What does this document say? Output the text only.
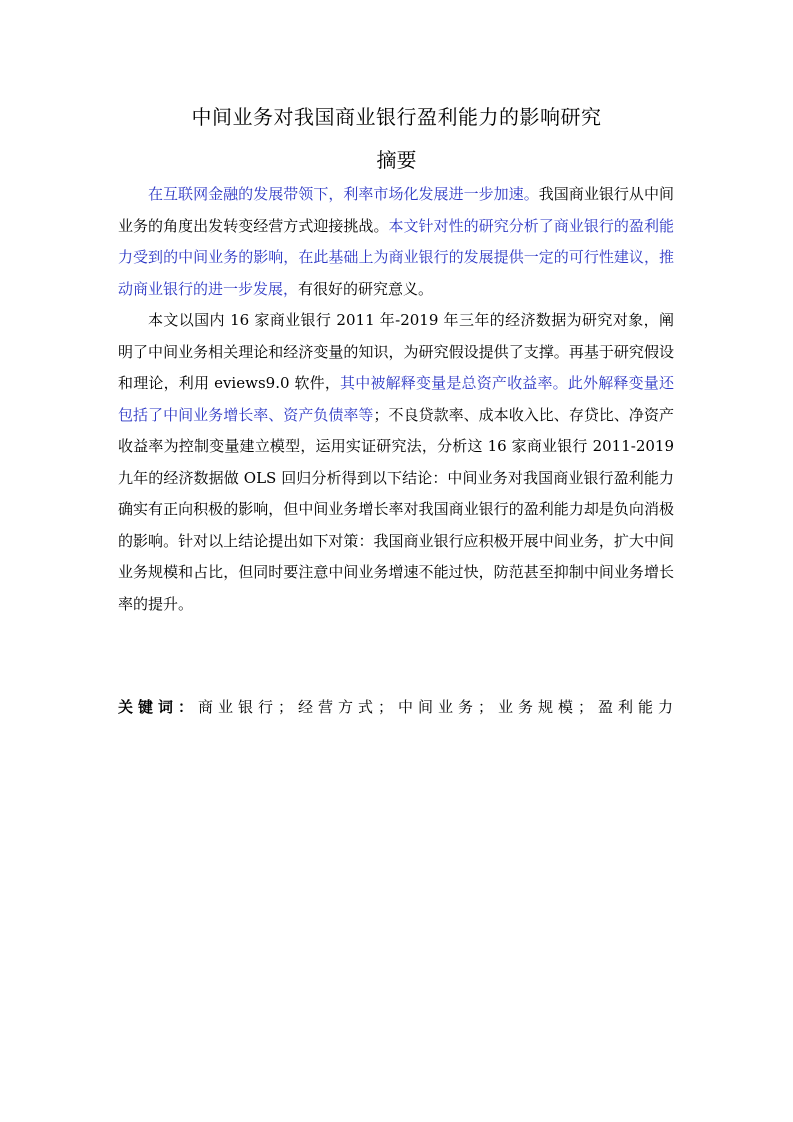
中间业务对我国商业银行盈利能力的影响研究
摘要

在互联网金融的发展带领下，利率市场化发展进一步加速。我国商业银行从中间业务的角度出发转变经营方式迎接挑战。本文针对性的研究分析了商业银行的盈利能力受到的中间业务的影响，在此基础上为商业银行的发展提供一定的可行性建议，推动商业银行的进一步发展，有很好的研究意义。

本文以国内 16 家商业银行 2011 年-2019 年三年的经济数据为研究对象，阐明了中间业务相关理论和经济变量的知识，为研究假设提供了支撑。再基于研究假设和理论，利用 eviews9.0 软件，其中被解释变量是总资产收益率。此外解释变量还包括了中间业务增长率、资产负债率等；不良贷款率、成本收入比、存贷比、净资产收益率为控制变量建立模型，运用实证研究法，分析这 16 家商业银行 2011-2019 九年的经济数据做 OLS 回归分析得到以下结论：中间业务对我国商业银行盈利能力确实有正向积极的影响，但中间业务增长率对我国商业银行的盈利能力却是负向消极的影响。针对以上结论提出如下对策：我国商业银行应积极开展中间业务，扩大中间业务规模和占比，但同时要注意中间业务增速不能过快，防范甚至抑制中间业务增长率的提升。

关键词：商业银行；经营方式；中间业务；业务规模；盈利能力
